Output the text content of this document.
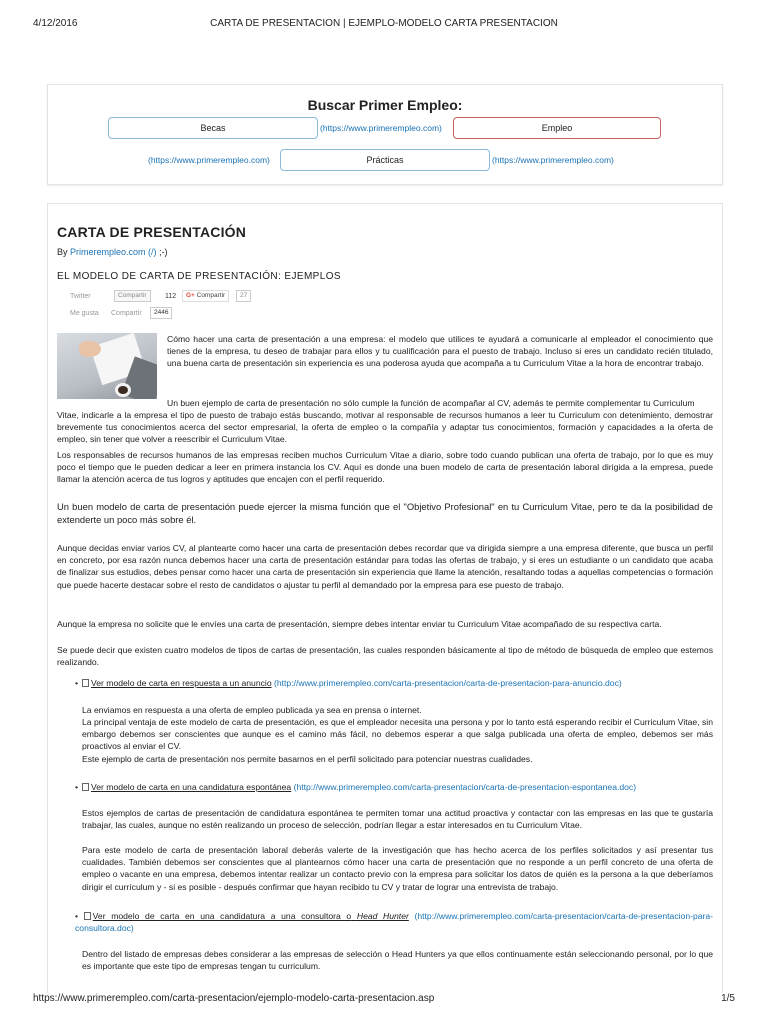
4/12/2016	CARTA DE PRESENTACION | EJEMPLO-MODELO CARTA PRESENTACION
Buscar Primer Empleo:
Becas	(https://www.primerempleo.com)	Empleo
(https://www.primerempleo.com)	Prácticas	(https://www.primerempleo.com)
CARTA DE PRESENTACIÓN
By Primerempleo.com (/) ;-)
EL MODELO DE CARTA DE PRESENTACIÓN: EJEMPLOS
Twitter	Compartir	112	G+ Compartir	27
Me gusta Compartir	2446
Cómo hacer una carta de presentación a una empresa: el modelo que utilices te ayudará a comunicarle al empleador el conocimiento que tienes de la empresa, tu deseo de trabajar para ellos y tu cualificación para el puesto de trabajo. Incluso si eres un candidato recién titulado, una buena carta de presentación sin experiencia es una poderosa ayuda que acompaña a tu Curriculum Vitae a la hora de encontrar trabajo.
Un buen ejemplo de carta de presentación no sólo cumple la función de acompañar al CV, además te permite complementar tu Curriculum
Vitae, indicarle a la empresa el tipo de puesto de trabajo estás buscando, motivar al responsable de recursos humanos a leer tu Curriculum con detenimiento, demostrar brevemente tus conocimientos acerca del sector empresarial, la oferta de empleo o la compañía y adaptar tus conocimientos, formación y capacidades a la oferta de empleo, sin tener que volver a reescribir el Curriculum Vitae.
Los responsables de recursos humanos de las empresas reciben muchos Curriculum Vitae a diario, sobre todo cuando publican una oferta de trabajo, por lo que es muy poco el tiempo que le pueden dedicar a leer en primera instancia los CV. Aquí es donde una buen modelo de carta de presentación laboral dirigida a la empresa, puede llamar la atención acerca de tus logros y aptitudes que encajen con el perfil requerido.
Un buen modelo de carta de presentación puede ejercer la misma función que el "Objetivo Profesional" en tu Curriculum Vitae, pero te da la posibilidad de extenderte un poco más sobre él.
Aunque decidas enviar varios CV, al plantearte como hacer una carta de presentación debes recordar que va dirigida siempre a una empresa diferente, que busca un perfil en concreto, por esa razón nunca debemos hacer una carta de presentación estándar para todas las ofertas de trabajo, y si eres un estudiante o un candidato que acaba de finalizar sus estudios, debes pensar como hacer una carta de presentación sin experiencia que llame la atención, resaltando todas a aquellas competencias o formación que puede hacerte destacar sobre el resto de candidatos o ajustar tu perfil al demandado por la empresa para ese puesto de trabajo.
Aunque la empresa no solicite que le envíes una carta de presentación, siempre debes intentar enviar tu Curriculum Vitae acompañado de su respectiva carta.
Se puede decir que existen cuatro modelos de tipos de cartas de presentación, las cuales responden básicamente al tipo de método de búsqueda de empleo que estemos realizando.
• Ver modelo de carta en respuesta a un anuncio (http://www.primerempleo.com/carta-presentacion/carta-de-presentacion-para-anuncio.doc)
La enviamos en respuesta a una oferta de empleo publicada ya sea en prensa o internet.
La principal ventaja de este modelo de carta de presentación, es que el empleador necesita una persona y por lo tanto está esperando recibir el Curriculum Vitae, sin embargo debemos ser conscientes que aunque es el camino más fácil, no debemos esperar a que salga publicada una oferta de empleo, debemos ser más proactivos al enviar el CV.
Este ejemplo de carta de presentación nos permite basarnos en el perfil solicitado para potenciar nuestras cualidades.
• Ver modelo de carta en una candidatura espontánea (http://www.primerempleo.com/carta-presentacion/carta-de-presentacion-espontanea.doc)
Estos ejemplos de cartas de presentación de candidatura espontánea te permiten tomar una actitud proactiva y contactar con las empresas en las que te gustaría trabajar, las cuales, aunque no estén realizando un proceso de selección, podrían llegar a estar interesados en tu Curriculum Vitae.
Para este modelo de carta de presentación laboral deberás valerte de la investigación que has hecho acerca de los perfiles solicitados y así presentar tus cualidades. También debemos ser conscientes que al plantearnos cómo hacer una carta de presentación que no responde a un perfil concreto de una oferta de empleo o vacante en una empresa, debemos intentar realizar un contacto previo con la empresa para solicitar los datos de quién es la persona a la que deberíamos dirigir el currículum y - si es posible - después confirmar que hayan recibido tu CV y tratar de lograr una entrevista de trabajo.
• Ver modelo de carta en una candidatura a una consultora o Head Hunter (http://www.primerempleo.com/carta-presentacion/carta-de-presentacion-para-consultora.doc)
Dentro del listado de empresas debes considerar a las empresas de selección o Head Hunters ya que ellos continuamente están seleccionando personal, por lo que es importante que este tipo de empresas tengan tu curriculum.
https://www.primerempleo.com/carta-presentacion/ejemplo-modelo-carta-presentacion.asp	1/5
